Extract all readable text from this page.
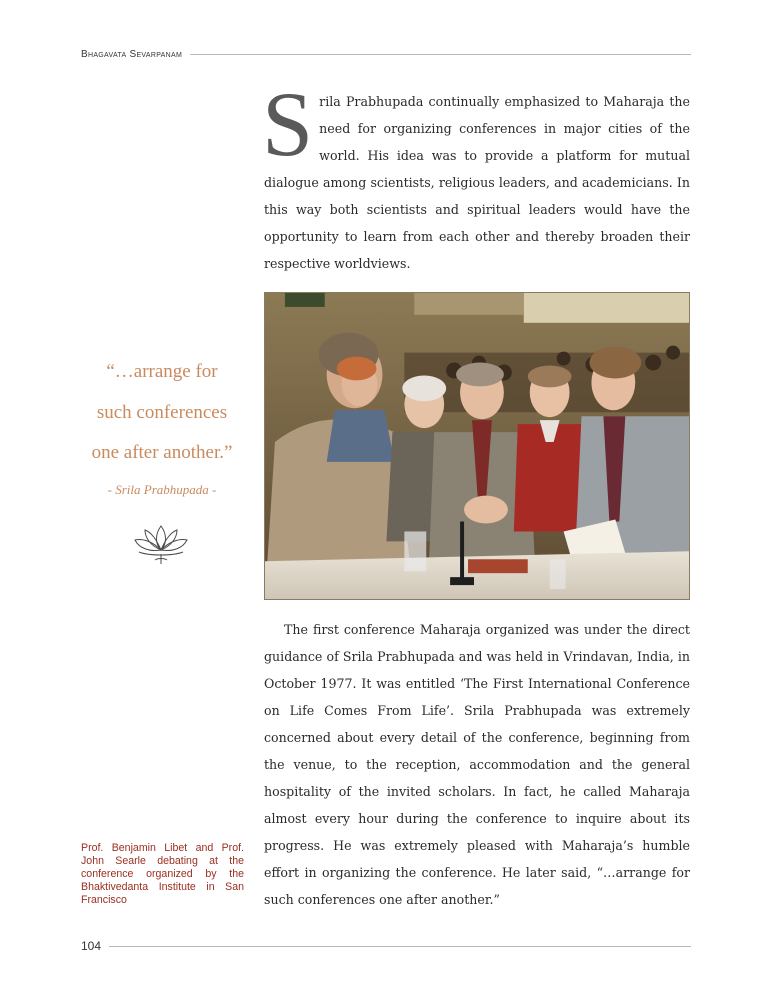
Bhagavata Sevarpanam
S rila Prabhupada continually emphasized to Maharaja the need for organizing conferences in major cities of the world. His idea was to provide a platform for mutual dialogue among scientists, religious leaders, and academicians. In this way both scientists and spiritual leaders would have the opportunity to learn from each other and thereby broaden their respective worldviews.
“…arrange for
such conferences
one after another.”
- Srila Prabhupada -
Prof. Benjamin Libet and Prof. John Searle debating at the conference organized by the Bhaktivedanta Institute in San Francisco
The first conference Maharaja organized was under the direct guidance of Srila Prabhupada and was held in Vrindavan, India, in October 1977. It was entitled ‘The First International Conference on Life Comes From Life’. Srila Prabhupada was extremely concerned about every detail of the conference, beginning from the venue, to the reception, accommodation and the general hospitality of the invited scholars. In fact, he called Maharaja almost every hour during the conference to inquire about its progress. He was extremely pleased with Maharaja’s humble effort in organizing the conference. He later said, “…arrange for such conferences one after another.”
104
